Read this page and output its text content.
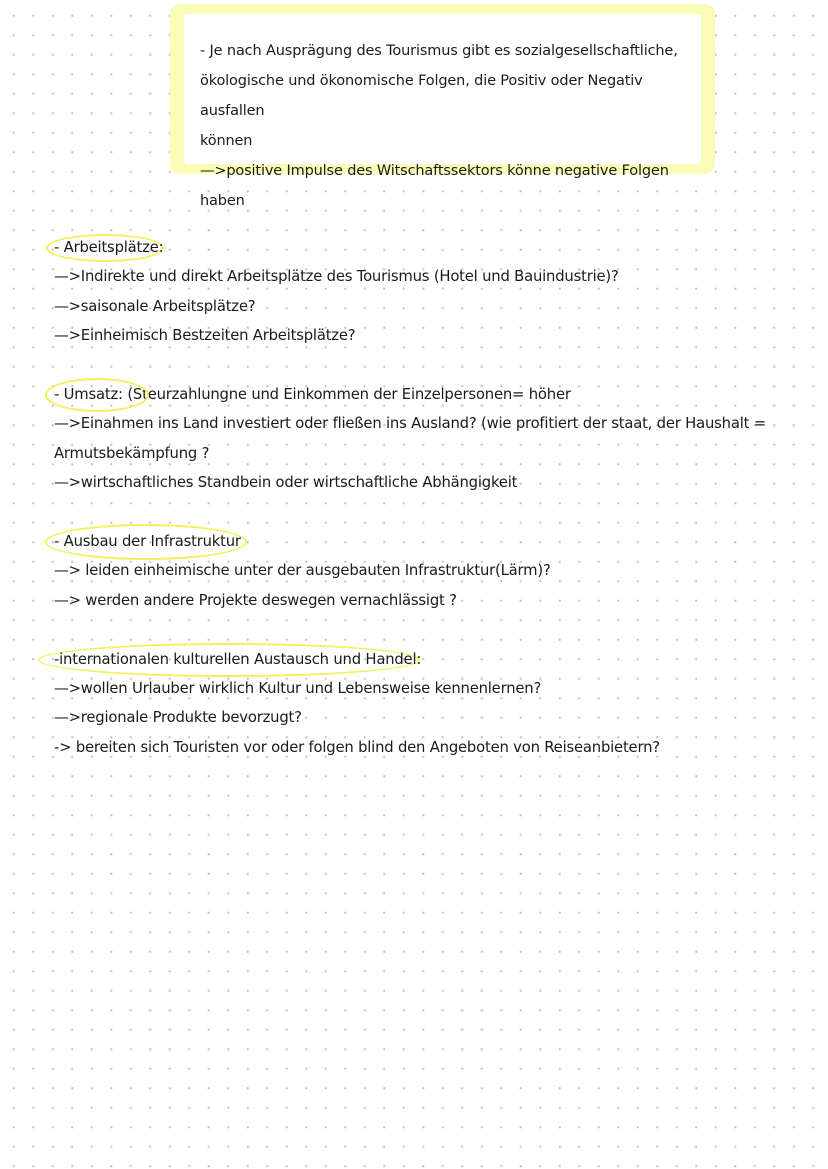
- Je nach Ausprägung des Tourismus gibt es sozialgesellschaftliche,

ökologische und ökonomische Folgen, die Positiv oder Negativ ausfallen

können

—>positive Impulse des Witschaftssektors könne negative Folgen haben

- Arbeitsplätze:

—>Indirekte und direkt Arbeitsplätze des Tourismus (Hotel und Bauindustrie)?

—>saisonale Arbeitsplätze?

—>Einheimisch Bestzeiten Arbeitsplätze?

- Umsatz: (Steurzahlungne und Einkommen der Einzelpersonen= höher

—>Einahmen ins Land investiert oder fließen ins Ausland? (wie profitiert der staat, der Haushalt = Armutsbekämpfung ?

—>wirtschaftliches Standbein oder wirtschaftliche Abhängigkeit

- Ausbau der Infrastruktur

—> leiden einheimische unter der ausgebauten Infrastruktur(Lärm)?

—> werden andere Projekte deswegen vernachlässigt ?

-internationalen kulturellen Austausch und Handel:

—>wollen Urlauber wirklich Kultur und Lebensweise kennenlernen?

—>regionale Produkte bevorzugt?

-> bereiten sich Touristen vor oder folgen blind den Angeboten von Reiseanbietern?
